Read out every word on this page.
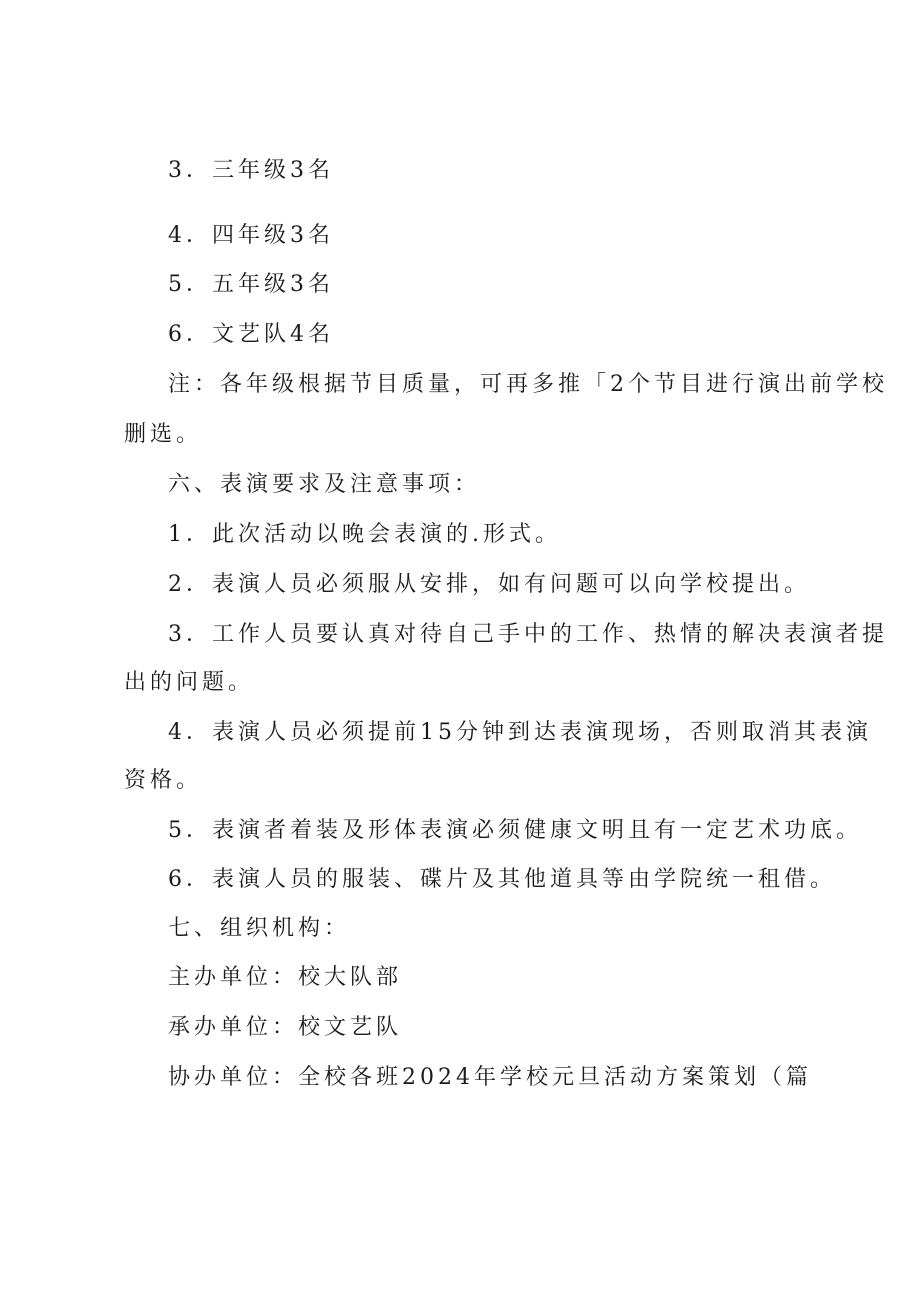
3．三年级3名
4．四年级3名
5．五年级3名
6．文艺队4名
注：各年级根据节目质量，可再多推「2个节目进行演出前学校
删选。
六、表演要求及注意事项：
1．此次活动以晚会表演的.形式。
2．表演人员必须服从安排，如有问题可以向学校提出。
3．工作人员要认真对待自己手中的工作、热情的解决表演者提
出的问题。
4．表演人员必须提前15分钟到达表演现场，否则取消其表演
资格。
5．表演者着装及形体表演必须健康文明且有一定艺术功底。
6．表演人员的服装、碟片及其他道具等由学院统一租借。
七、组织机构：
主办单位：校大队部
承办单位：校文艺队
协办单位：全校各班2024年学校元旦活动方案策划（篇
